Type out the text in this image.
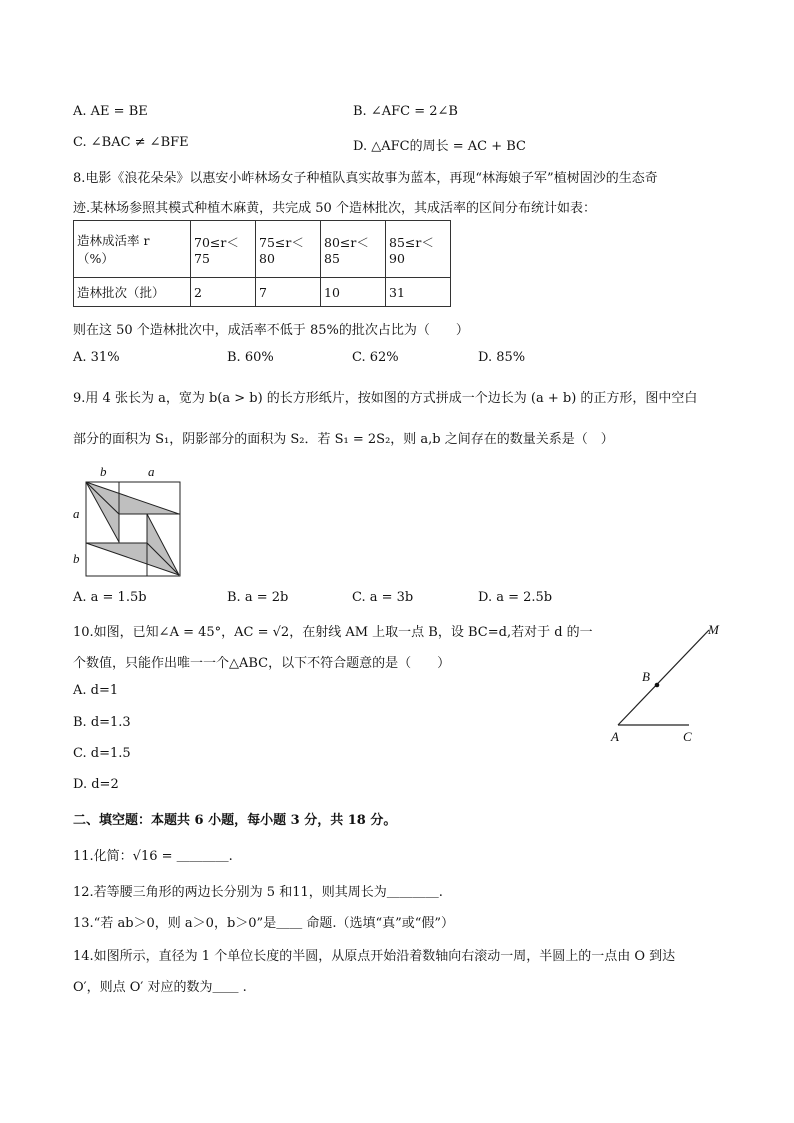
A. AE = BE	B. ∠AFC = 2∠B
C. ∠BAC ≠ ∠BFE	D. △AFC的周长 = AC + BC
8.电影《浪花朵朵》以惠安小岞林场女子种植队真实故事为蓝本，再现“林海娘子军”植树固沙的生态奇
迹.某林场参照其模式种植木麻黄，共完成 50 个造林批次，其成活率的区间分布统计如表：
造林成活率 r
（%）	70≤r＜75	75≤r＜80	80≤r＜85	85≤r＜90
造林批次（批）	2	7	10	31
则在这 50 个造林批次中，成活率不低于 85%的批次占比为（　　）
A. 31%	B. 60%	C. 62%	D. 85%
9.用 4 张长为 a，宽为 b(a > b) 的长方形纸片，按如图的方式拼成一个边长为 (a + b) 的正方形，图中空白
部分的面积为 S₁，阴影部分的面积为 S₂．若 S₁ = 2S₂，则 a,b 之间存在的数量关系是（　）
b	a
a
b
A. a = 1.5b	B. a = 2b	C. a = 3b	D. a = 2.5b
10.如图，已知∠A = 45°，AC = √2，在射线 AM 上取一点 B，设 BC=d,若对于 d 的一
个数值，只能作出唯一一个△ABC，以下不符合题意的是（　　）
A. d=1
B. d=1.3
C. d=1.5
D. d=2
M
B
A	C
二、填空题：本题共 6 小题，每小题 3 分，共 18 分。
11.化简：√16 = ＿＿＿＿.
12.若等腰三角形的两边长分别为 5 和11，则其周长为＿＿＿＿.
13.“若 ab＞0，则 a＞0，b＞0”是＿＿ 命题.（选填“真”或“假”）
14.如图所示，直径为 1 个单位长度的半圆，从原点开始沿着数轴向右滚动一周，半圆上的一点由 O 到达
O′，则点 O′ 对应的数为＿＿ .
